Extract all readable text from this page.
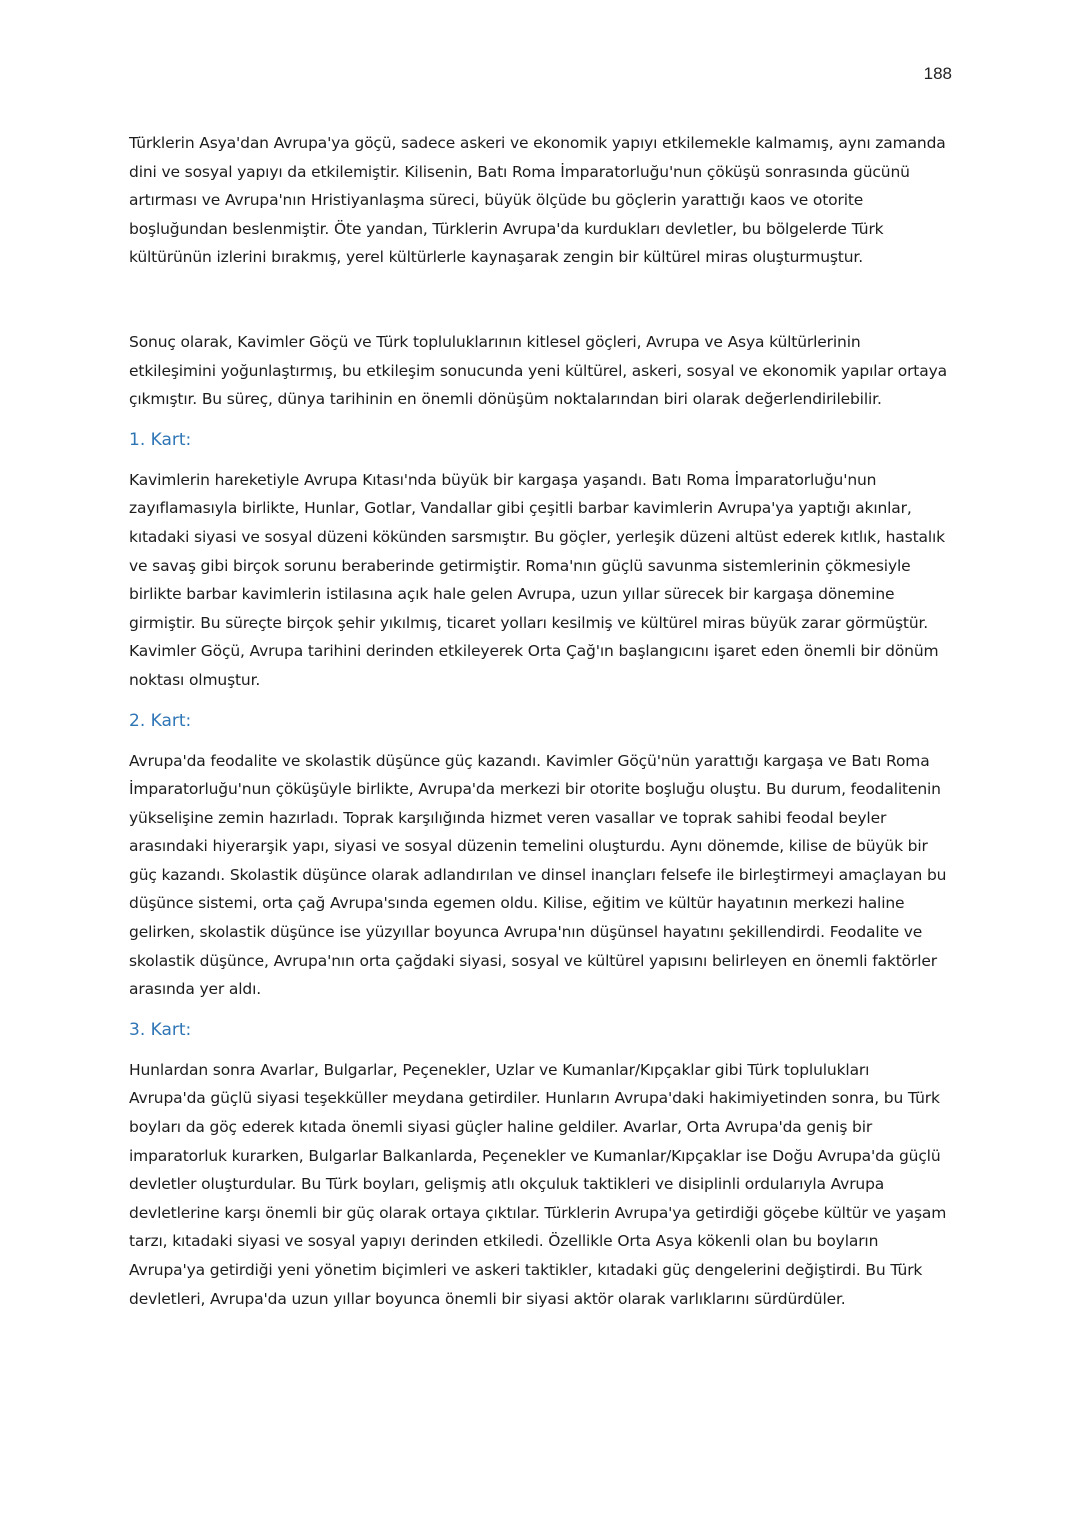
188

Türklerin Asya'dan Avrupa'ya göçü, sadece askeri ve ekonomik yapıyı etkilemekle kalmamış, aynı zamanda dini ve sosyal yapıyı da etkilemiştir. Kilisenin, Batı Roma İmparatorluğu'nun çöküşü sonrasında gücünü artırması ve Avrupa'nın Hristiyanlaşma süreci, büyük ölçüde bu göçlerin yarattığı kaos ve otorite boşluğundan beslenmiştir. Öte yandan, Türklerin Avrupa'da kurdukları devletler, bu bölgelerde Türk kültürünün izlerini bırakmış, yerel kültürlerle kaynaşarak zengin bir kültürel miras oluşturmuştur.

Sonuç olarak, Kavimler Göçü ve Türk topluluklarının kitlesel göçleri, Avrupa ve Asya kültürlerinin etkileşimini yoğunlaştırmış, bu etkileşim sonucunda yeni kültürel, askeri, sosyal ve ekonomik yapılar ortaya çıkmıştır. Bu süreç, dünya tarihinin en önemli dönüşüm noktalarından biri olarak değerlendirilebilir.

1. Kart:

Kavimlerin hareketiyle Avrupa Kıtası'nda büyük bir kargaşa yaşandı. Batı Roma İmparatorluğu'nun zayıflamasıyla birlikte, Hunlar, Gotlar, Vandallar gibi çeşitli barbar kavimlerin Avrupa'ya yaptığı akınlar, kıtadaki siyasi ve sosyal düzeni kökünden sarsmıştır. Bu göçler, yerleşik düzeni altüst ederek kıtlık, hastalık ve savaş gibi birçok sorunu beraberinde getirmiştir. Roma'nın güçlü savunma sistemlerinin çökmesiyle birlikte barbar kavimlerin istilasına açık hale gelen Avrupa, uzun yıllar sürecek bir kargaşa dönemine girmiştir. Bu süreçte birçok şehir yıkılmış, ticaret yolları kesilmiş ve kültürel miras büyük zarar görmüştür. Kavimler Göçü, Avrupa tarihini derinden etkileyerek Orta Çağ'ın başlangıcını işaret eden önemli bir dönüm noktası olmuştur.

2. Kart:

Avrupa'da feodalite ve skolastik düşünce güç kazandı. Kavimler Göçü'nün yarattığı kargaşa ve Batı Roma İmparatorluğu'nun çöküşüyle birlikte, Avrupa'da merkezi bir otorite boşluğu oluştu. Bu durum, feodalitenin yükselişine zemin hazırladı. Toprak karşılığında hizmet veren vasallar ve toprak sahibi feodal beyler arasındaki hiyerarşik yapı, siyasi ve sosyal düzenin temelini oluşturdu. Aynı dönemde, kilise de büyük bir güç kazandı. Skolastik düşünce olarak adlandırılan ve dinsel inançları felsefe ile birleştirmeyi amaçlayan bu düşünce sistemi, orta çağ Avrupa'sında egemen oldu. Kilise, eğitim ve kültür hayatının merkezi haline gelirken, skolastik düşünce ise yüzyıllar boyunca Avrupa'nın düşünsel hayatını şekillendirdi. Feodalite ve skolastik düşünce, Avrupa'nın orta çağdaki siyasi, sosyal ve kültürel yapısını belirleyen en önemli faktörler arasında yer aldı.

3. Kart:

Hunlardan sonra Avarlar, Bulgarlar, Peçenekler, Uzlar ve Kumanlar/Kıpçaklar gibi Türk toplulukları Avrupa'da güçlü siyasi teşekküller meydana getirdiler. Hunların Avrupa'daki hakimiyetinden sonra, bu Türk boyları da göç ederek kıtada önemli siyasi güçler haline geldiler. Avarlar, Orta Avrupa'da geniş bir imparatorluk kurarken, Bulgarlar Balkanlarda, Peçenekler ve Kumanlar/Kıpçaklar ise Doğu Avrupa'da güçlü devletler oluşturdular. Bu Türk boyları, gelişmiş atlı okçuluk taktikleri ve disiplinli ordularıyla Avrupa devletlerine karşı önemli bir güç olarak ortaya çıktılar. Türklerin Avrupa'ya getirdiği göçebe kültür ve yaşam tarzı, kıtadaki siyasi ve sosyal yapıyı derinden etkiledi. Özellikle Orta Asya kökenli olan bu boyların Avrupa'ya getirdiği yeni yönetim biçimleri ve askeri taktikler, kıtadaki güç dengelerini değiştirdi. Bu Türk devletleri, Avrupa'da uzun yıllar boyunca önemli bir siyasi aktör olarak varlıklarını sürdürdüler.
